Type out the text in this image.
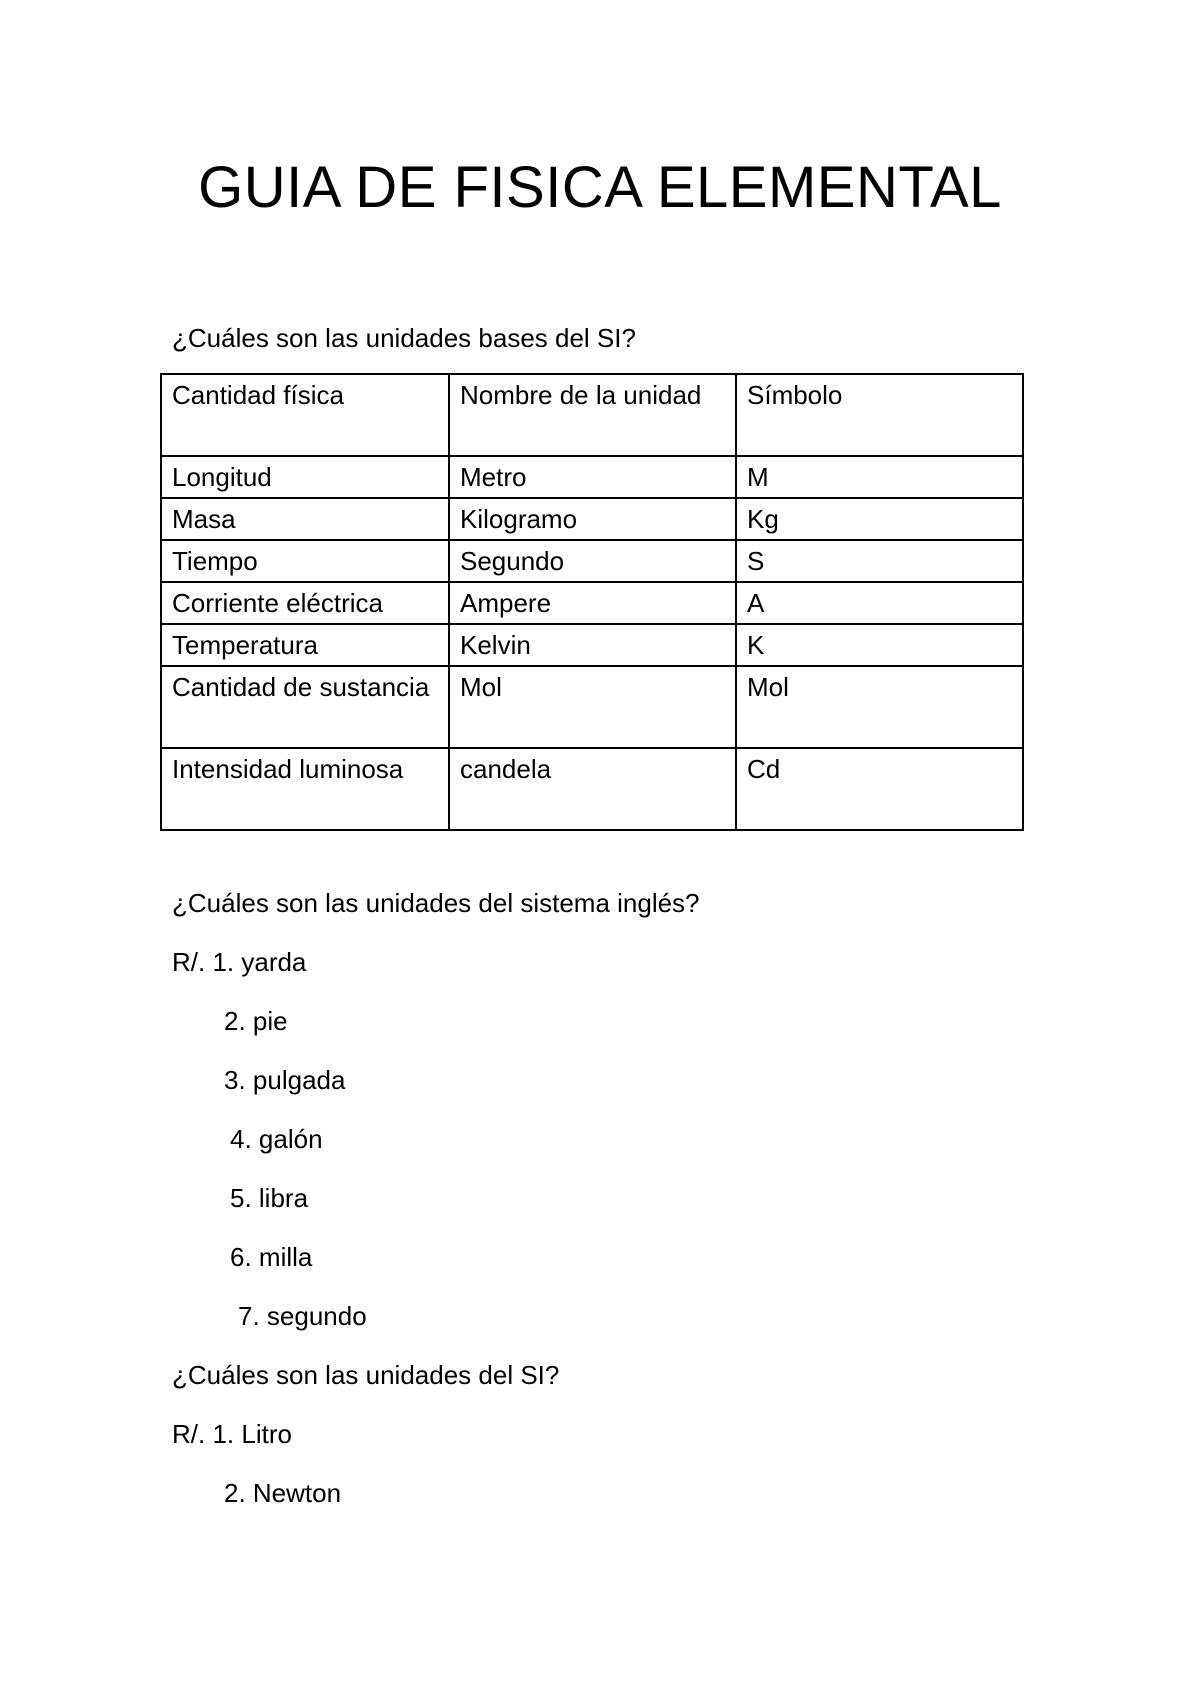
GUIA DE FISICA ELEMENTAL
¿Cuáles son las unidades bases del SI?
Cantidad física	Nombre de la unidad	Símbolo
Longitud	Metro	M
Masa	Kilogramo	Kg
Tiempo	Segundo	S
Corriente eléctrica	Ampere	A
Temperatura	Kelvin	K
Cantidad de sustancia	Mol	Mol
Intensidad luminosa	candela	Cd
¿Cuáles son las unidades del sistema inglés?
R/. 1. yarda
2. pie
3. pulgada
4. galón
5. libra
6. milla
7. segundo
¿Cuáles son las unidades del SI?
R/. 1. Litro
2. Newton
